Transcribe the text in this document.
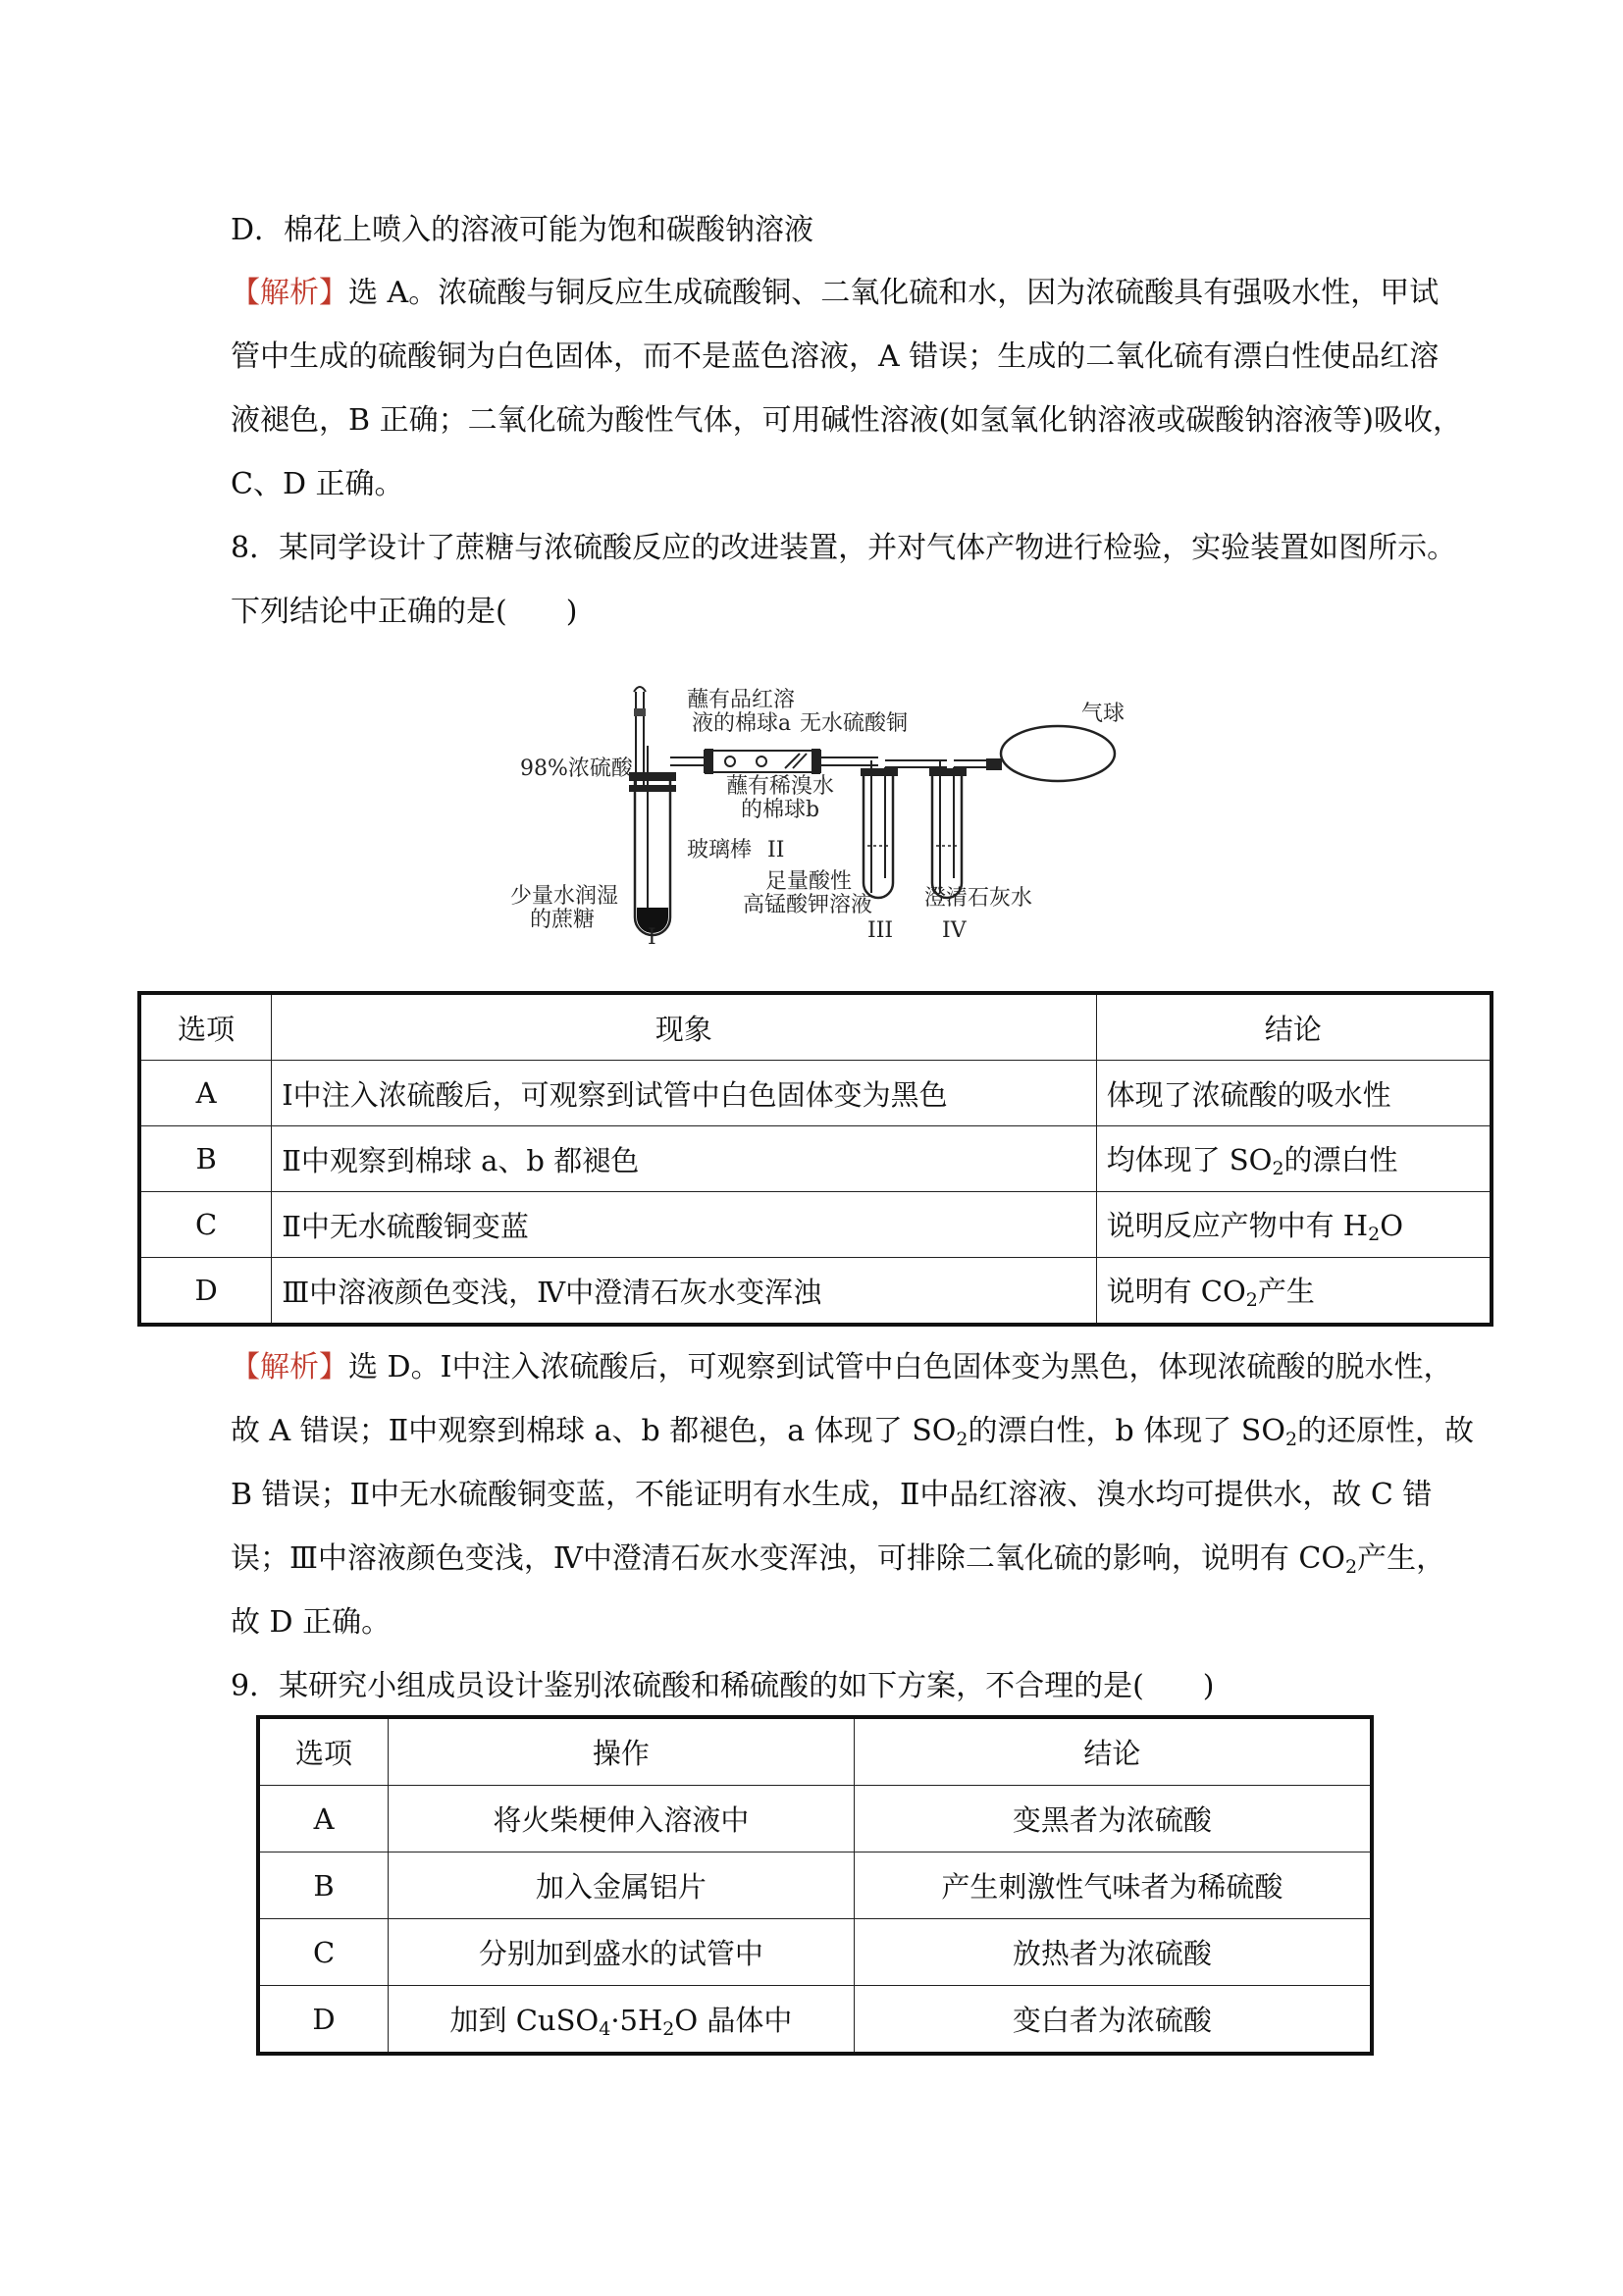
D．棉花上喷入的溶液可能为饱和碳酸钠溶液
【解析】选 A。浓硫酸与铜反应生成硫酸铜、二氧化硫和水，因为浓硫酸具有强吸水性，甲试
管中生成的硫酸铜为白色固体，而不是蓝色溶液，A 错误；生成的二氧化硫有漂白性使品红溶
液褪色，B 正确；二氧化硫为酸性气体，可用碱性溶液(如氢氧化钠溶液或碳酸钠溶液等)吸收，
C、D 正确。
8．某同学设计了蔗糖与浓硫酸反应的改进装置，并对气体产物进行检验，实验装置如图所示。
下列结论中正确的是(　　)
98%浓硫酸
蘸有品红溶
液的棉球a 无水硫酸铜	气球
蘸有稀溴水
的棉球b
玻璃棒 II
少量水润湿
的蔗糖
足量酸性
高锰酸钾溶液 澄清石灰水
I	III IV
选项	现象	结论
A	Ⅰ中注入浓硫酸后，可观察到试管中白色固体变为黑色	体现了浓硫酸的吸水性
B	Ⅱ中观察到棉球 a、b 都褪色	均体现了 $SO_2$的漂白性
C	Ⅱ中无水硫酸铜变蓝	说明反应产物中有 $H_2O$
D	Ⅲ中溶液颜色变浅，Ⅳ中澄清石灰水变浑浊	说明有 $CO_2$产生
【解析】选 D。Ⅰ中注入浓硫酸后，可观察到试管中白色固体变为黑色，体现浓硫酸的脱水性，
故 A 错误；Ⅱ中观察到棉球 a、b 都褪色，a 体现了 $SO_2$的漂白性，b 体现了 $SO_2$的还原性，故
B 错误；Ⅱ中无水硫酸铜变蓝，不能证明有水生成，Ⅱ中品红溶液、溴水均可提供水，故 C 错
误；Ⅲ中溶液颜色变浅，Ⅳ中澄清石灰水变浑浊，可排除二氧化硫的影响，说明有 $CO_2$产生，
故 D 正确。
9．某研究小组成员设计鉴别浓硫酸和稀硫酸的如下方案，不合理的是(　　)
选项	操作	结论
A	将火柴梗伸入溶液中	变黑者为浓硫酸
B	加入金属铝片	产生刺激性气味者为稀硫酸
C	分别加到盛水的试管中	放热者为浓硫酸
D	加到 $CuSO_4\cdot 5H_2O$ 晶体中	变白者为浓硫酸
